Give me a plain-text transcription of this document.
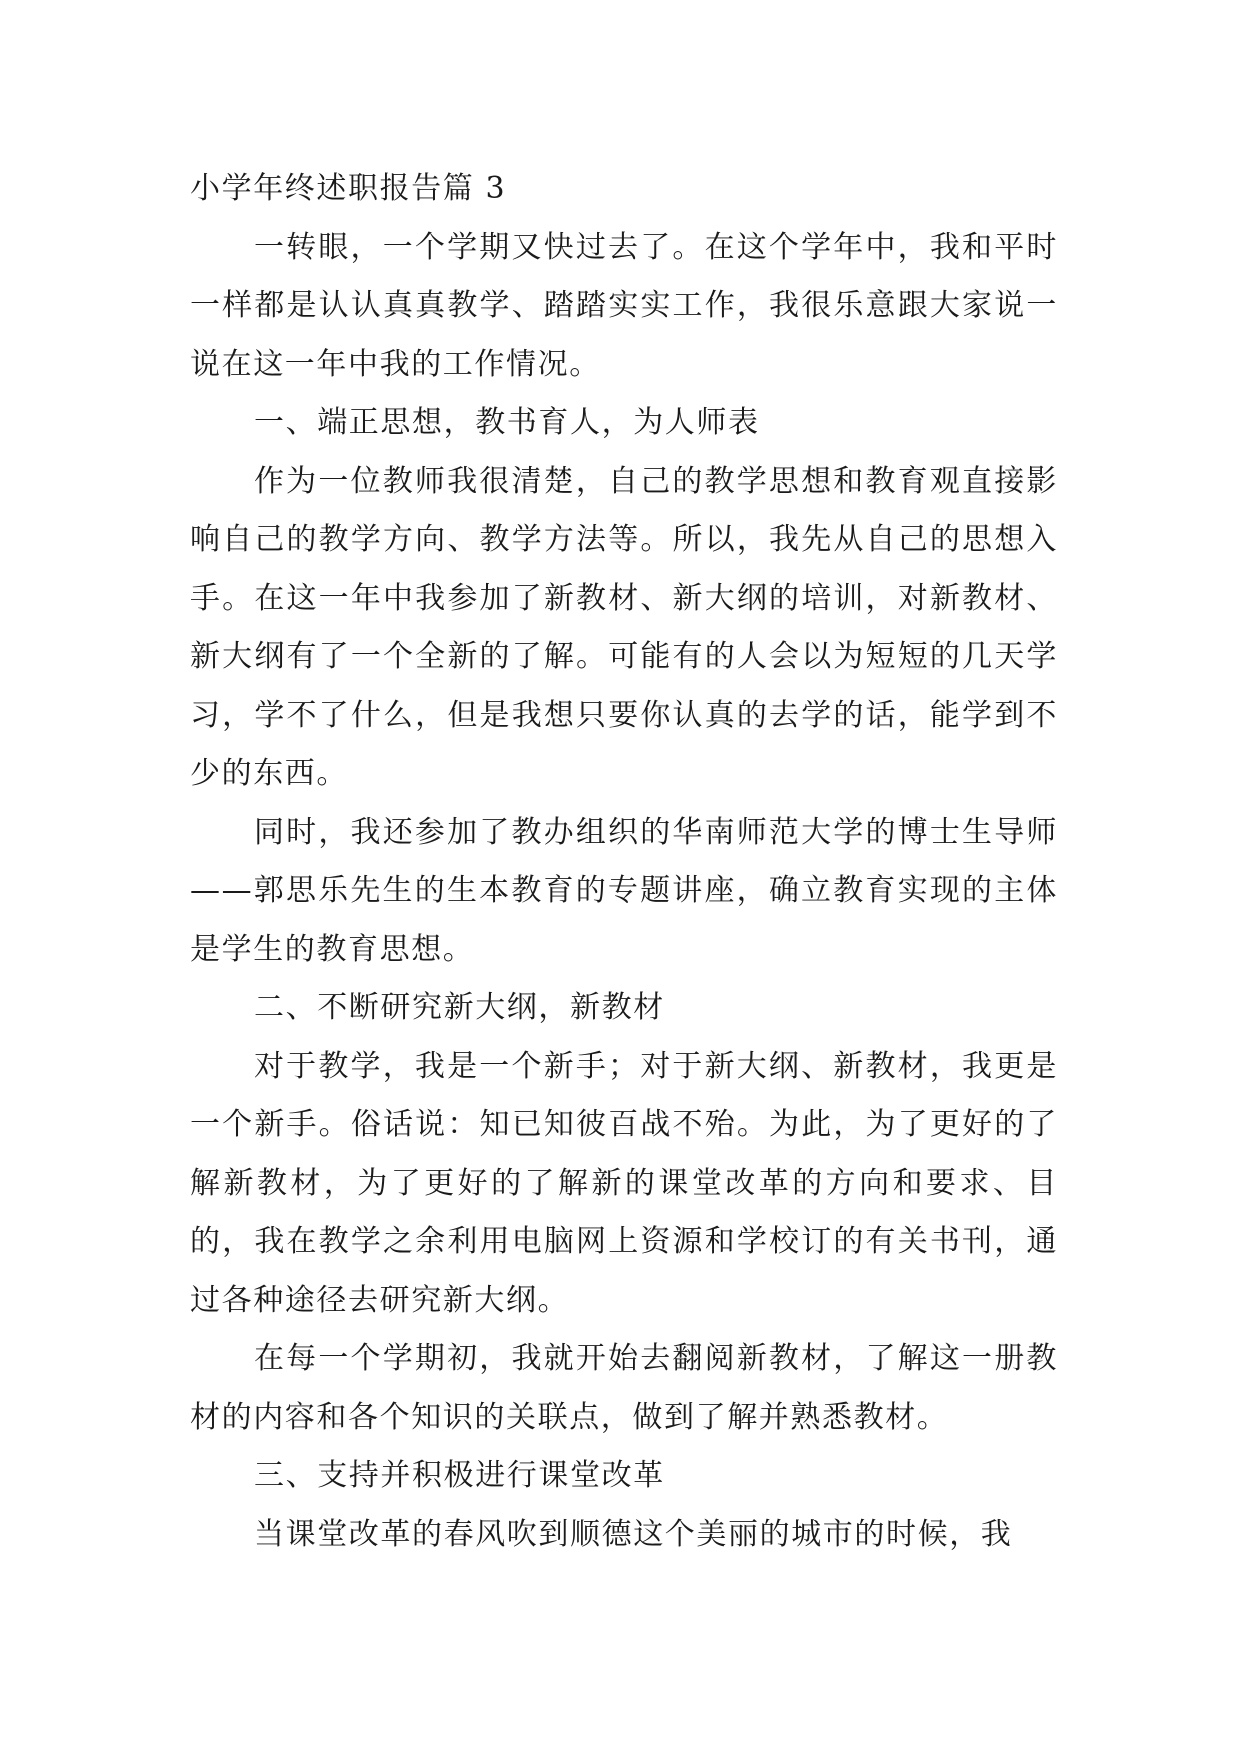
小学年终述职报告篇 3

一转眼，一个学期又快过去了。在这个学年中，我和平时一样都是认认真真教学、踏踏实实工作，我很乐意跟大家说一说在这一年中我的工作情况。

一、端正思想，教书育人，为人师表

作为一位教师我很清楚，自己的教学思想和教育观直接影响自己的教学方向、教学方法等。所以，我先从自己的思想入手。在这一年中我参加了新教材、新大纲的培训，对新教材、新大纲有了一个全新的了解。可能有的人会以为短短的几天学习，学不了什么，但是我想只要你认真的去学的话，能学到不少的东西。

同时，我还参加了教办组织的华南师范大学的博士生导师——郭思乐先生的生本教育的专题讲座，确立教育实现的主体是学生的教育思想。

二、不断研究新大纲，新教材

对于教学，我是一个新手；对于新大纲、新教材，我更是一个新手。俗话说：知已知彼百战不殆。为此，为了更好的了解新教材，为了更好的了解新的课堂改革的方向和要求、目的，我在教学之余利用电脑网上资源和学校订的有关书刊，通过各种途径去研究新大纲。

在每一个学期初，我就开始去翻阅新教材，了解这一册教材的内容和各个知识的关联点，做到了解并熟悉教材。

三、支持并积极进行课堂改革

当课堂改革的春风吹到顺德这个美丽的城市的时候，我
